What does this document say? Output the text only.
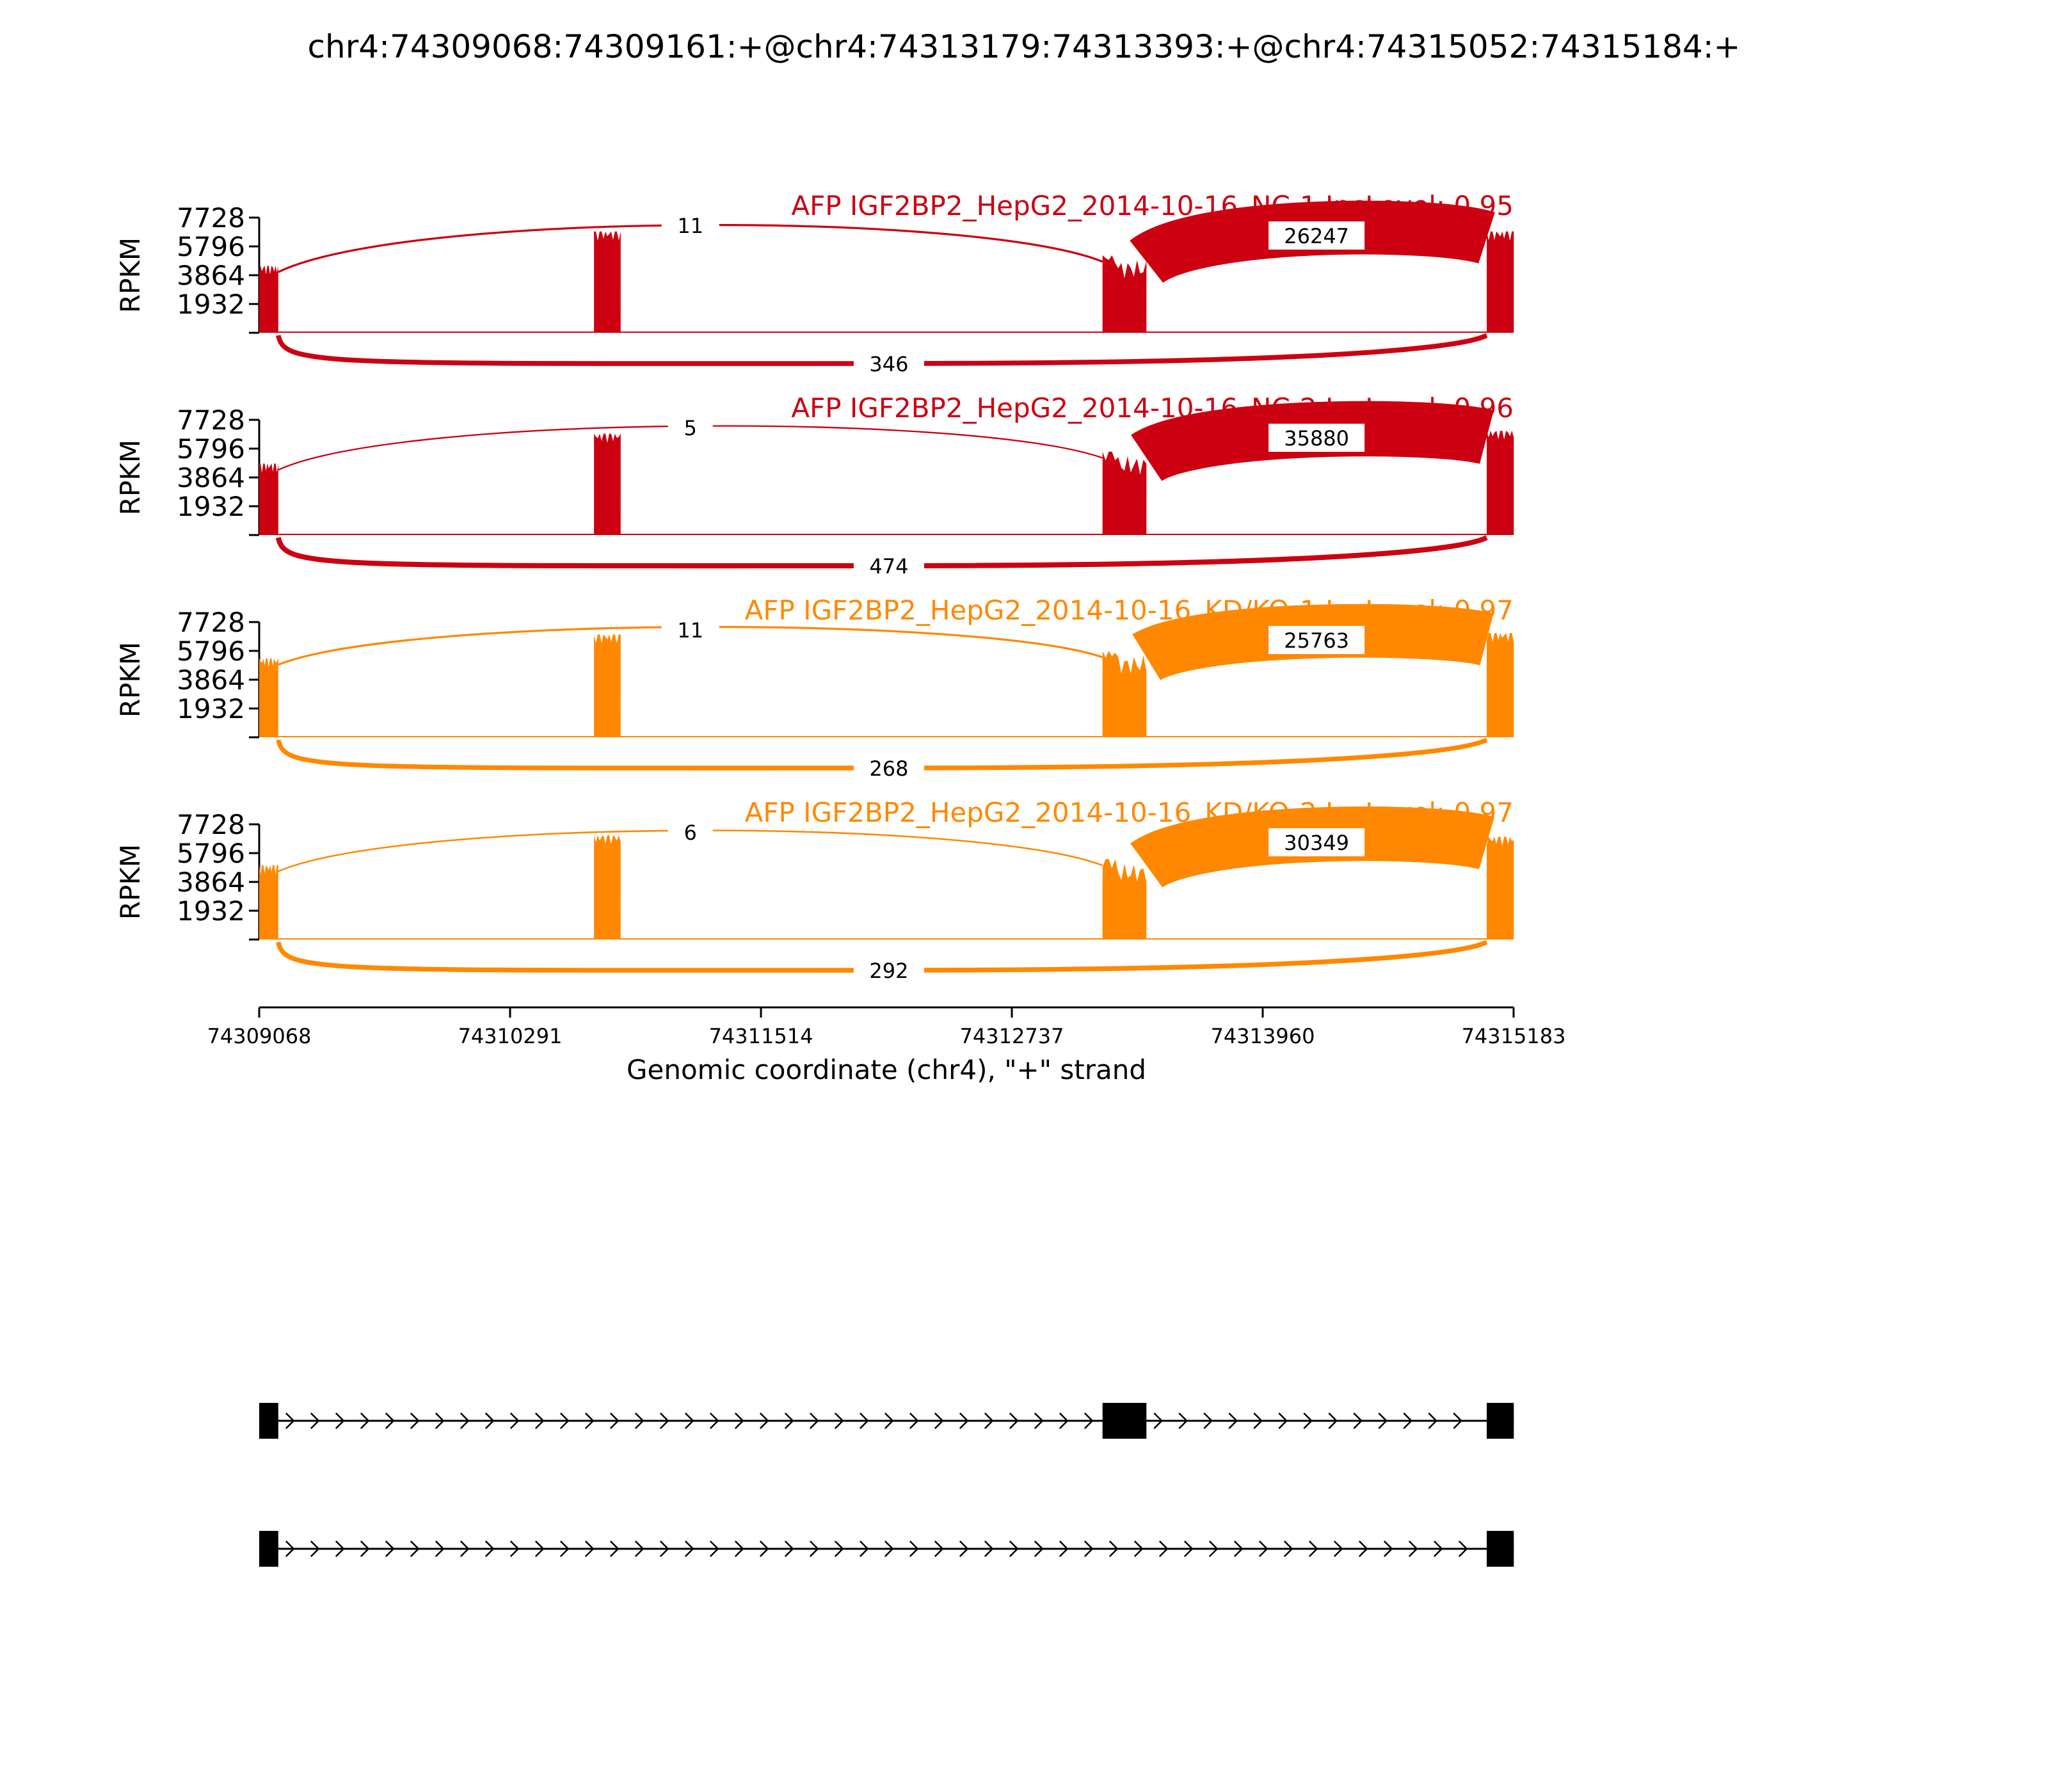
chr4:74309068:74309161:+@chr4:74313179:74313393:+@chr4:74315052:74315184:+
1932
3864
5796
7728
RPKM
AFP IGF2BP2_HepG2_2014-10-16_NC-1 IncLevel: 0.95
11	26247
346
1932
3864
5796
7728
RPKM
AFP IGF2BP2_HepG2_2014-10-16_NC-2 IncLevel: 0.96
5	35880
474
1932
3864
5796
7728
RPKM
AFP IGF2BP2_HepG2_2014-10-16_KD/KO-1 IncLevel: 0.97
11	25763
268
1932
3864
5796
7728
RPKM
AFP IGF2BP2_HepG2_2014-10-16_KD/KO-2 IncLevel: 0.97
6	30349
292
74309068	74310291	74311514	74312737	74313960	74315183
Genomic coordinate (chr4), "+" strand
